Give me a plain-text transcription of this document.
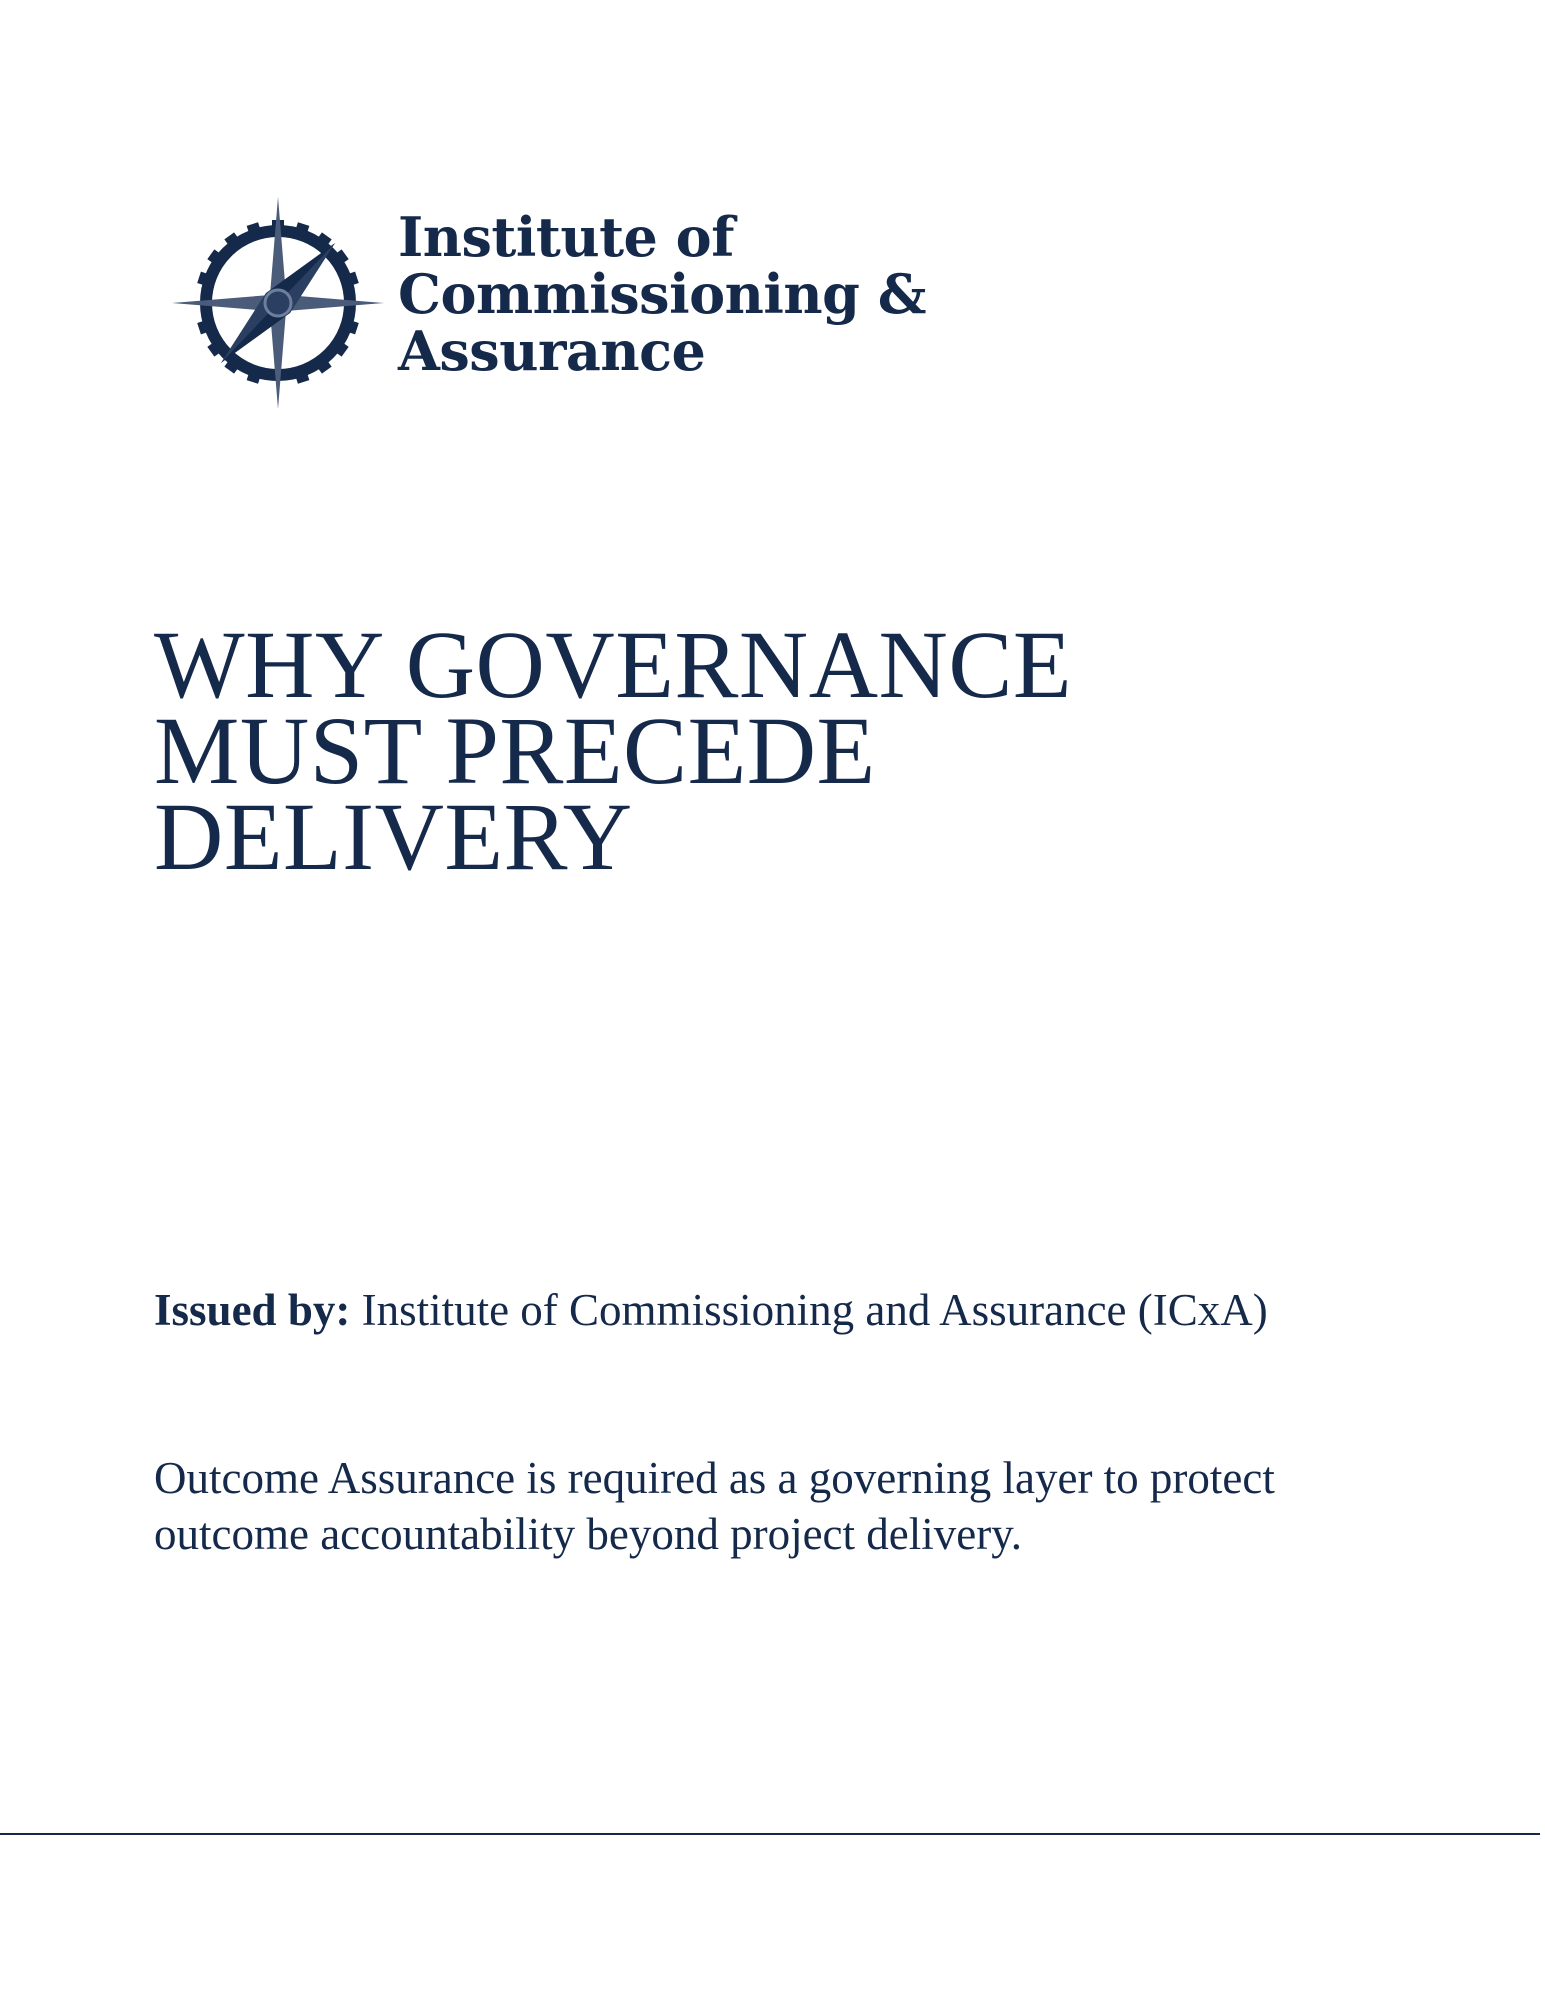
Institute of
Commissioning &
Assurance
WHY GOVERNANCE
MUST PRECEDE
DELIVERY

Issued by: Institute of Commissioning and Assurance (ICxA)

Outcome Assurance is required as a governing layer to protect outcome accountability beyond project delivery.
